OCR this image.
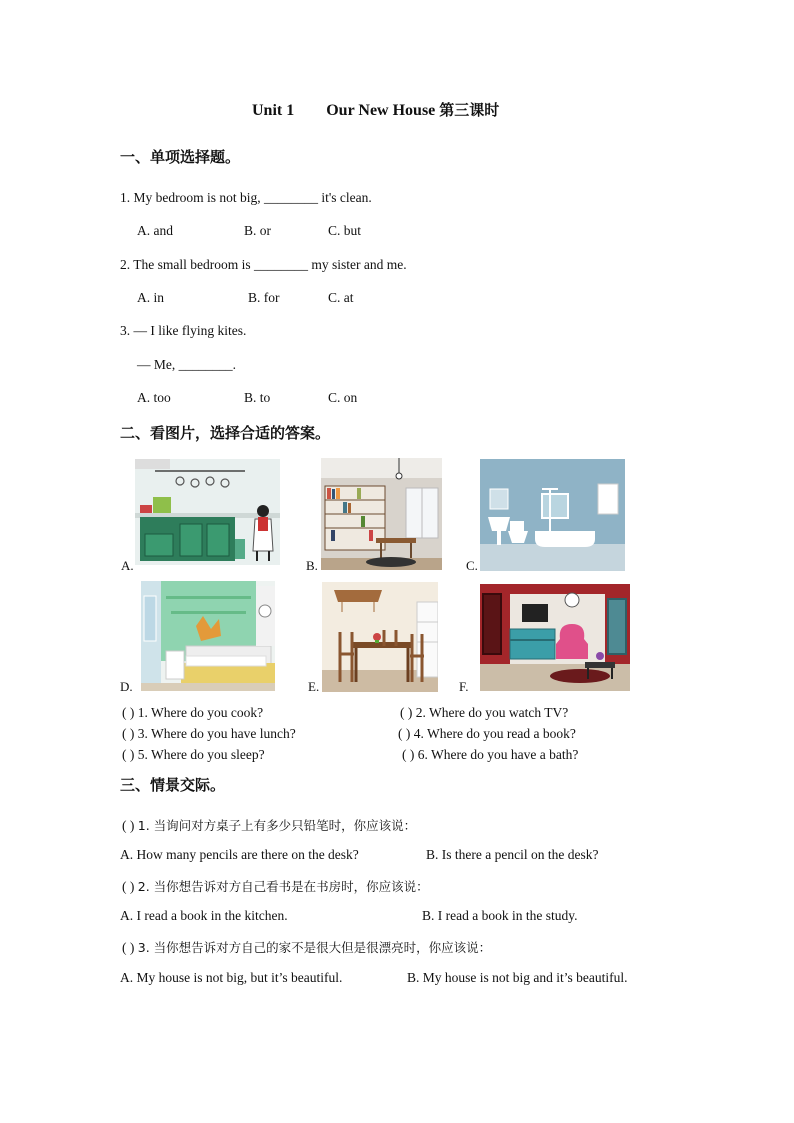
Unit 1 Our New House 第三课时
一、单项选择题。
1. My bedroom is not big, ________ it's clean.
A. and	B. or	C. but
2. The small bedroom is ________ my sister and me.
A. in	B. for	C. at
3. — I like flying kites.
— Me, ________.
A. too	B. to	C. on
二、看图片，选择合适的答案。
A.	B.	C.
D.	E.	F.
( ) 1. Where do you cook?	( ) 2. Where do you watch TV?
( ) 3. Where do you have lunch?	( ) 4. Where do you read a book?
( ) 5. Where do you sleep?	( ) 6. Where do you have a bath?
三、情景交际。
( ) 1. 当询问对方桌子上有多少只铅笔时，你应该说：
A. How many pencils are there on the desk?	B. Is there a pencil on the desk?
( ) 2. 当你想告诉对方自己看书是在书房时，你应该说：
A. I read a book in the kitchen.	B. I read a book in the study.
( ) 3. 当你想告诉对方自己的家不是很大但是很漂亮时，你应该说：
A. My house is not big, but it’s beautiful.	B. My house is not big and it’s beautiful.
